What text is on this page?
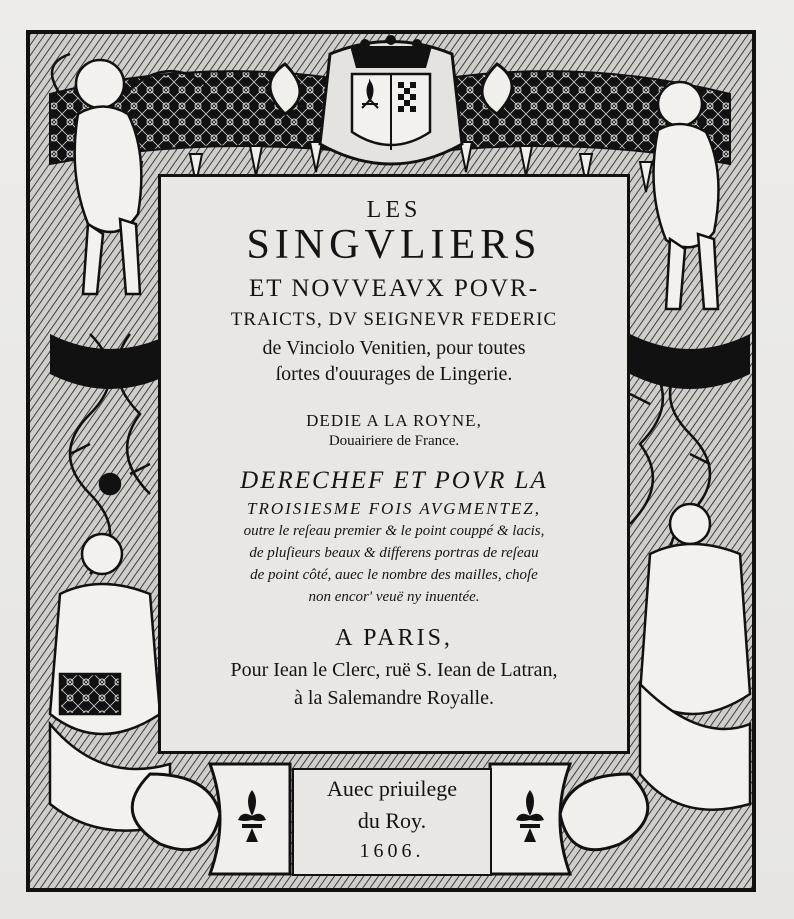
LES
SINGVLIERS
ET NOVVEAVX POVR-
TRAICTS, DV SEIGNEVR FEDERIC
de Vinciolo Venitien, pour toutes
ſortes d'ouurages de Lingerie.
DEDIE A LA ROYNE,
Douairiere de France.
DERECHEF ET POVR LA
TROISIESME FOIS AVGMENTEZ,
outre le reſeau premier & le point couppé & lacis,
de pluſieurs beaux & differens portras de reſeau
de point côté, auec le nombre des mailles, choſe
non encor' veuë ny inuentée.
A PARIS,
Pour Iean le Clerc, ruë S. Iean de Latran,
à la Salemandre Royalle.
Auec priuilege
du Roy.
1606.
